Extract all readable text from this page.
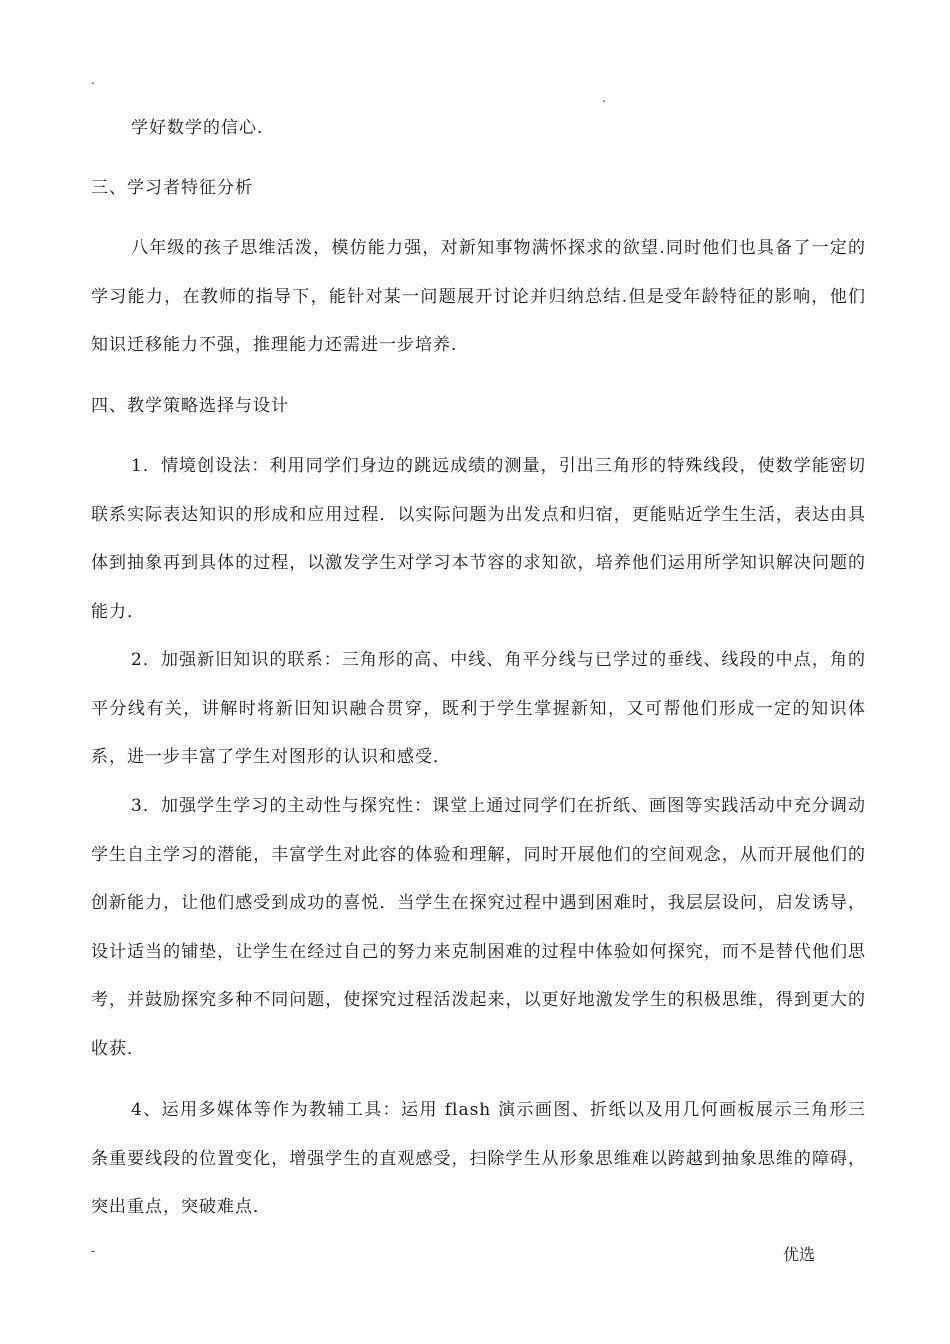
.
.

学好数学的信心.

三、学习者特征分析

八年级的孩子思维活泼，模仿能力强，对新知事物满怀探求的欲望.同时他们也具备了一定的学习能力，在教师的指导下，能针对某一问题展开讨论并归纳总结.但是受年龄特征的影响，他们知识迁移能力不强，推理能力还需进一步培养.

四、教学策略选择与设计

1．情境创设法：利用同学们身边的跳远成绩的测量，引出三角形的特殊线段，使数学能密切联系实际表达知识的形成和应用过程．以实际问题为出发点和归宿，更能贴近学生生活，表达由具体到抽象再到具体的过程，以激发学生对学习本节容的求知欲，培养他们运用所学知识解决问题的能力．

2．加强新旧知识的联系：三角形的高、中线、角平分线与已学过的垂线、线段的中点，角的平分线有关，讲解时将新旧知识融合贯穿，既利于学生掌握新知，又可帮他们形成一定的知识体系，进一步丰富了学生对图形的认识和感受．

3．加强学生学习的主动性与探究性：课堂上通过同学们在折纸、画图等实践活动中充分调动学生自主学习的潜能，丰富学生对此容的体验和理解，同时开展他们的空间观念，从而开展他们的创新能力，让他们感受到成功的喜悦．当学生在探究过程中遇到困难时，我层层设问，启发诱导，设计适当的铺垫，让学生在经过自己的努力来克制困难的过程中体验如何探究，而不是替代他们思考，并鼓励探究多种不同问题，使探究过程活泼起来，以更好地激发学生的积极思维，得到更大的收获．

4、运用多媒体等作为教辅工具：运用 flash 演示画图、折纸以及用几何画板展示三角形三条重要线段的位置变化，增强学生的直观感受，扫除学生从形象思维难以跨越到抽象思维的障碍，突出重点，突破难点．

-	优选
